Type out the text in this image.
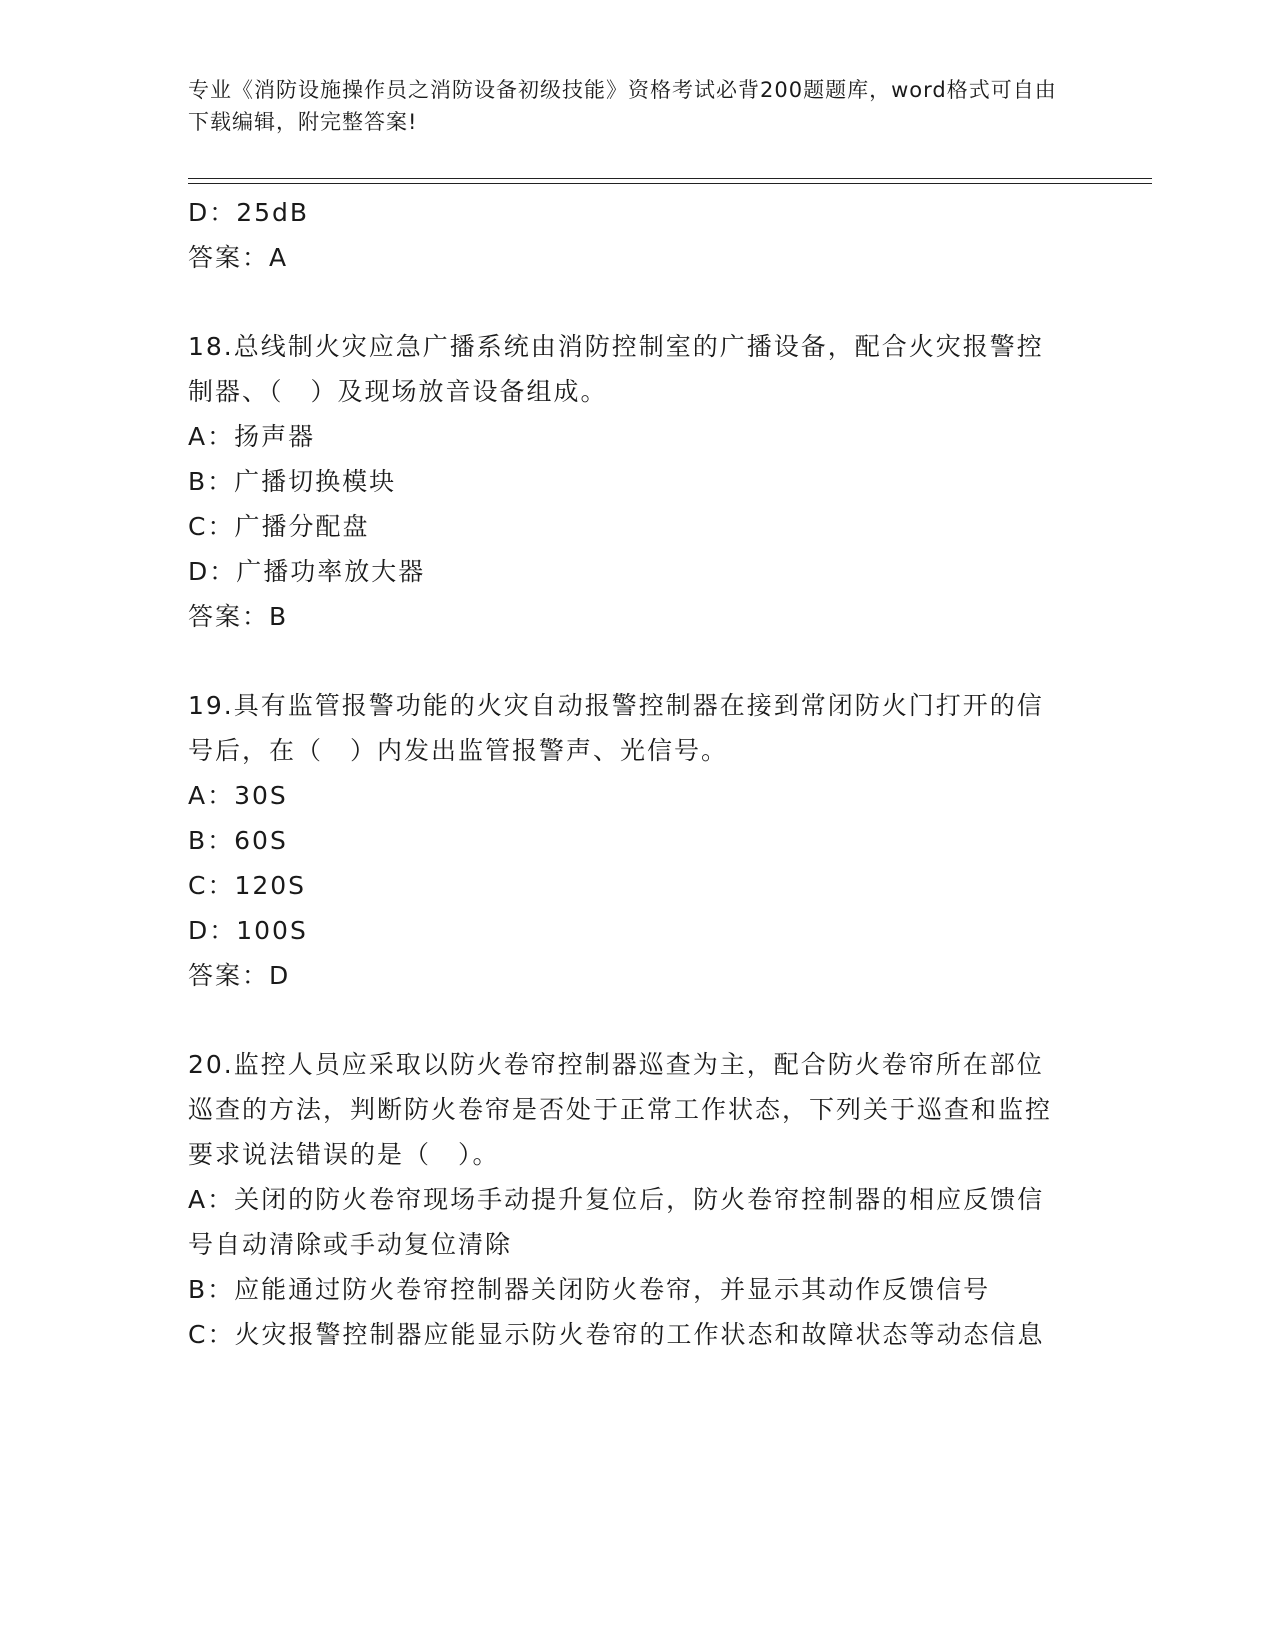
专业《消防设施操作员之消防设备初级技能》资格考试必背200题题库，word格式可自由下载编辑，附完整答案!
D：25dB
答案：A
18.总线制火灾应急广播系统由消防控制室的广播设备，配合火灾报警控制器、（　）及现场放音设备组成。
A：扬声器
B：广播切换模块
C：广播分配盘
D：广播功率放大器
答案：B
19.具有监管报警功能的火灾自动报警控制器在接到常闭防火门打开的信号后，在（　）内发出监管报警声、光信号。
A：30S
B：60S
C：120S
D：100S
答案：D
20.监控人员应采取以防火卷帘控制器巡查为主，配合防火卷帘所在部位巡查的方法，判断防火卷帘是否处于正常工作状态，下列关于巡查和监控要求说法错误的是（　）。
A：关闭的防火卷帘现场手动提升复位后，防火卷帘控制器的相应反馈信号自动清除或手动复位清除
B：应能通过防火卷帘控制器关闭防火卷帘，并显示其动作反馈信号
C：火灾报警控制器应能显示防火卷帘的工作状态和故障状态等动态信息
